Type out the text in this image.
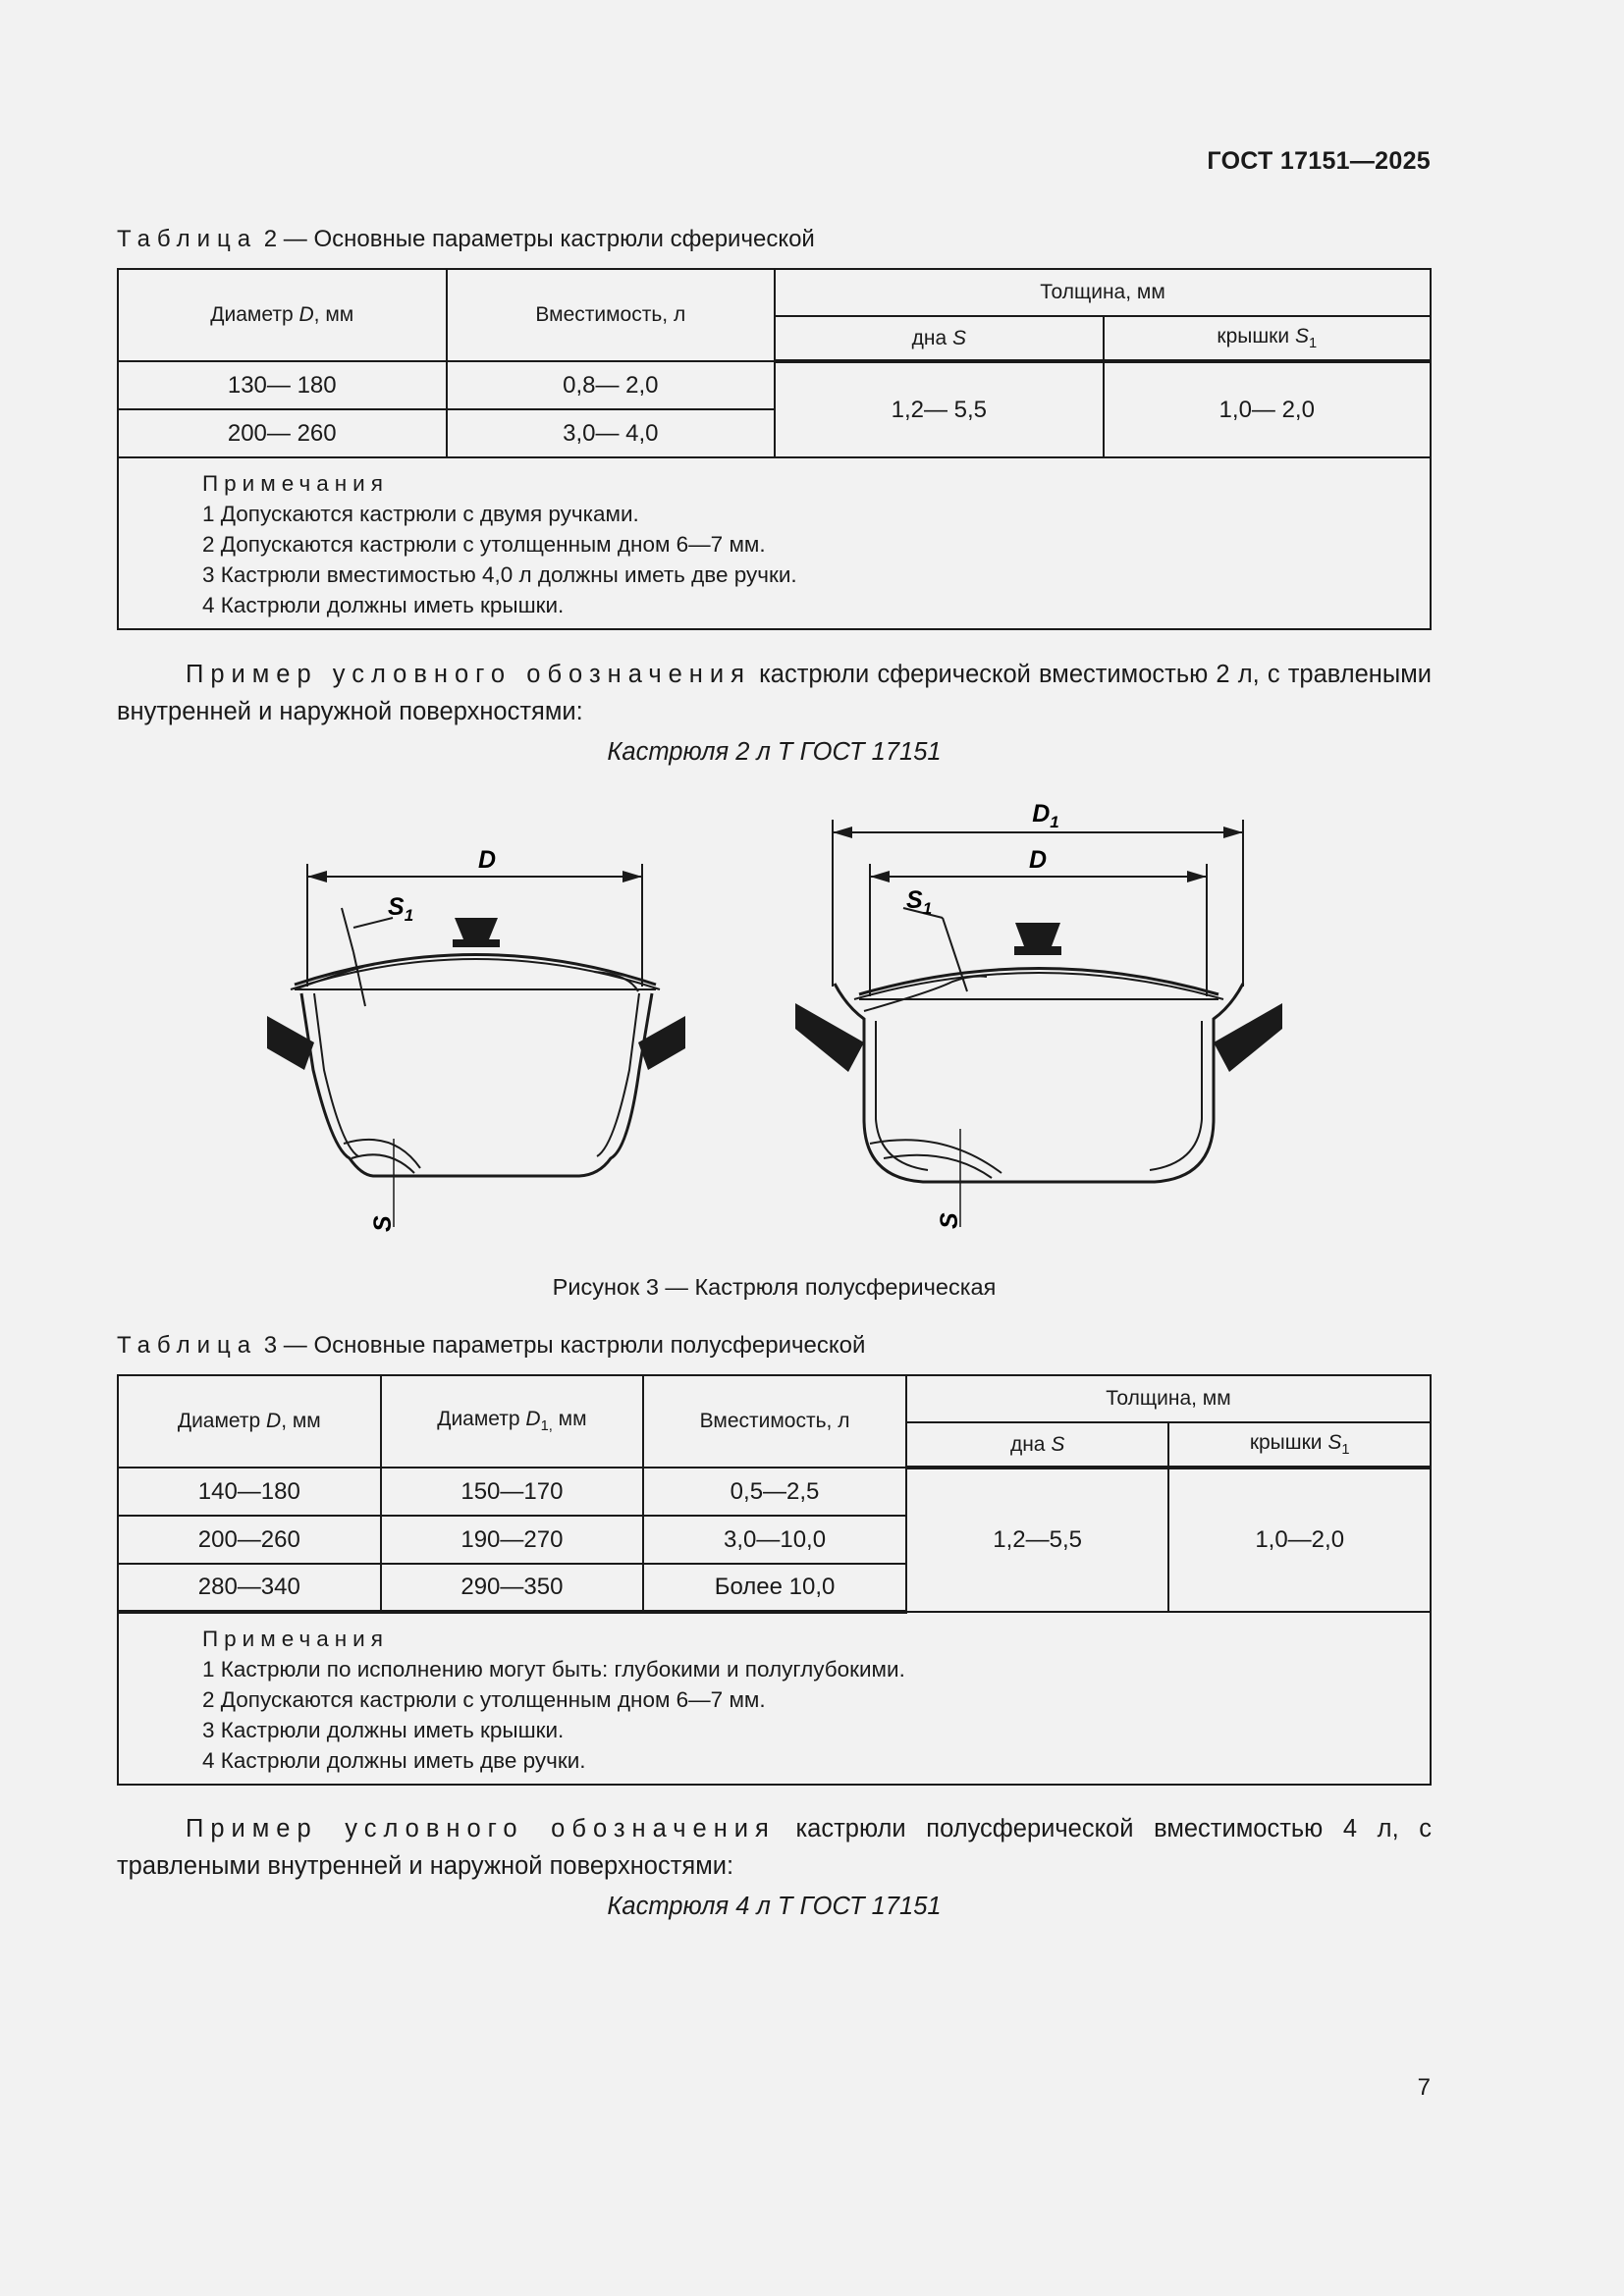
ГОСТ 17151—2025
Таблица 2 — Основные параметры кастрюли сферической
Диаметр D, мм	Вместимость, л	Толщина, мм	
		дна S	крышки $S_1$
130— 180	0,8— 2,0	1,2— 5,5	1,0— 2,0
200— 260	3,0— 4,0		

Примечания
1 Допускаются кастрюли с двумя ручками.
2 Допускаются кастрюли с утолщенным дном 6—7 мм.
3 Кастрюли вместимостью 4,0 л должны иметь две ручки.
4 Кастрюли должны иметь крышки.			
Пример условного обозначения кастрюли сферической вместимостью 2 л, с травлеными внутренней и наружной поверхностями:
Кастрюля 2 л Т ГОСТ 17151
D
$S_1$
S
$D_1$
D
$S_1$
S
Рисунок 3 — Кастрюля полусферическая
Таблица 3 — Основные параметры кастрюли полусферической
Диаметр D, мм	Диаметр $D_{1,}$ мм	Вместимость, л	Толщина, мм	
			дна S	крышки $S_1$
140—180	150—170	0,5—2,5	1,2—5,5	1,0—2,0
200—260	190—270	3,0—10,0		
280—340	290—350	Более 10,0		

Примечания
1 Кастрюли по исполнению могут быть: глубокими и полуглубокими.
2 Допускаются кастрюли с утолщенным дном 6—7 мм.
3 Кастрюли должны иметь крышки.
4 Кастрюли должны иметь две ручки.				
Пример условного обозначения кастрюли полусферической вместимостью 4 л, с травлеными внутренней и наружной поверхностями:
Кастрюля 4 л Т ГОСТ 17151
7
